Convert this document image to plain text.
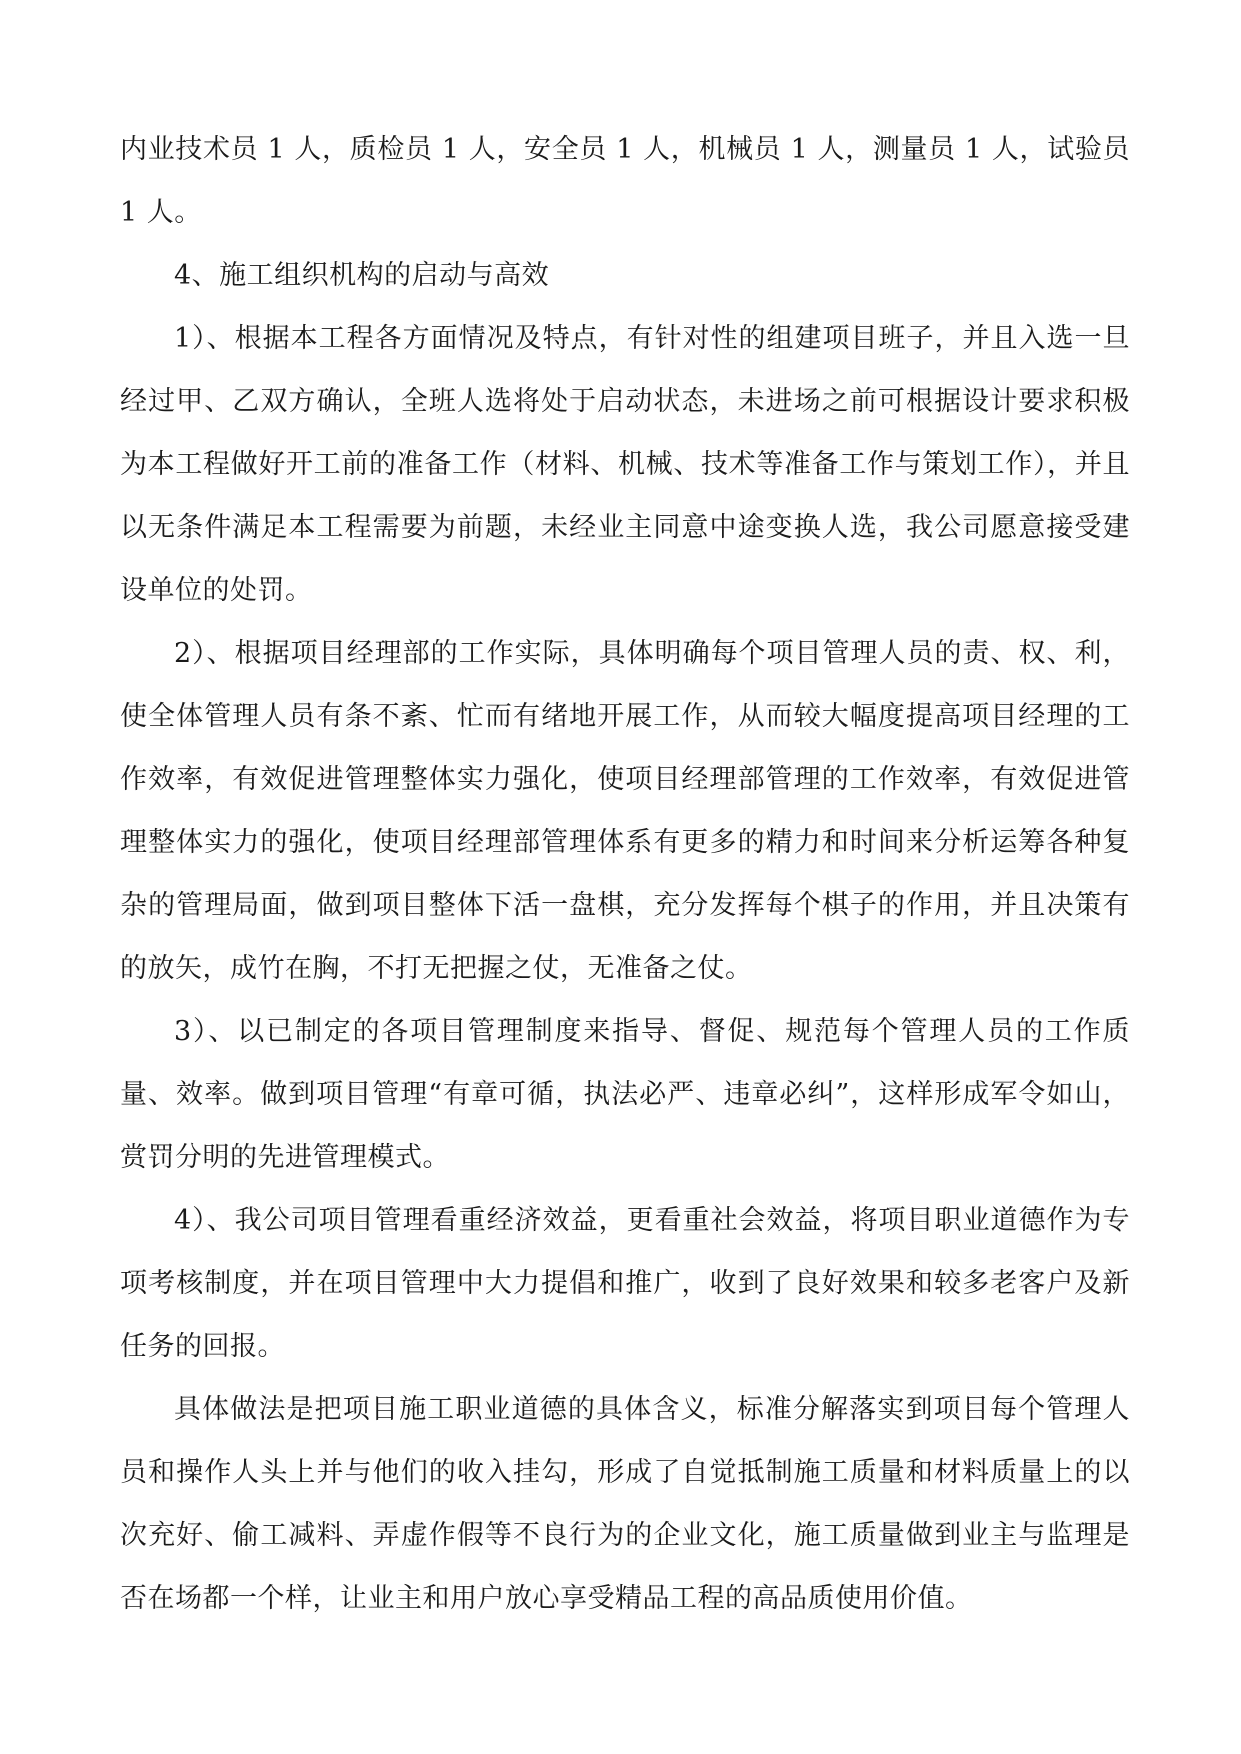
内业技术员 1 人，质检员 1 人，安全员 1 人，机械员 1 人，测量员 1 人，试验员 1 人。

4、施工组织机构的启动与高效

1）、根据本工程各方面情况及特点，有针对性的组建项目班子，并且入选一旦经过甲、乙双方确认，全班人选将处于启动状态，未进场之前可根据设计要求积极为本工程做好开工前的准备工作（材料、机械、技术等准备工作与策划工作），并且以无条件满足本工程需要为前题，未经业主同意中途变换人选，我公司愿意接受建设单位的处罚。

2）、根据项目经理部的工作实际，具体明确每个项目管理人员的责、权、利，使全体管理人员有条不紊、忙而有绪地开展工作，从而较大幅度提高项目经理的工作效率，有效促进管理整体实力强化，使项目经理部管理的工作效率，有效促进管理整体实力的强化，使项目经理部管理体系有更多的精力和时间来分析运筹各种复杂的管理局面，做到项目整体下活一盘棋，充分发挥每个棋子的作用，并且决策有的放矢，成竹在胸，不打无把握之仗，无准备之仗。

3）、以已制定的各项目管理制度来指导、督促、规范每个管理人员的工作质量、效率。做到项目管理“有章可循，执法必严、违章必纠”，这样形成军令如山，赏罚分明的先进管理模式。

4）、我公司项目管理看重经济效益，更看重社会效益，将项目职业道德作为专项考核制度，并在项目管理中大力提倡和推广，收到了良好效果和较多老客户及新任务的回报。

具体做法是把项目施工职业道德的具体含义，标准分解落实到项目每个管理人员和操作人头上并与他们的收入挂勾，形成了自觉抵制施工质量和材料质量上的以次充好、偷工减料、弄虚作假等不良行为的企业文化，施工质量做到业主与监理是否在场都一个样，让业主和用户放心享受精品工程的高品质使用价值。
